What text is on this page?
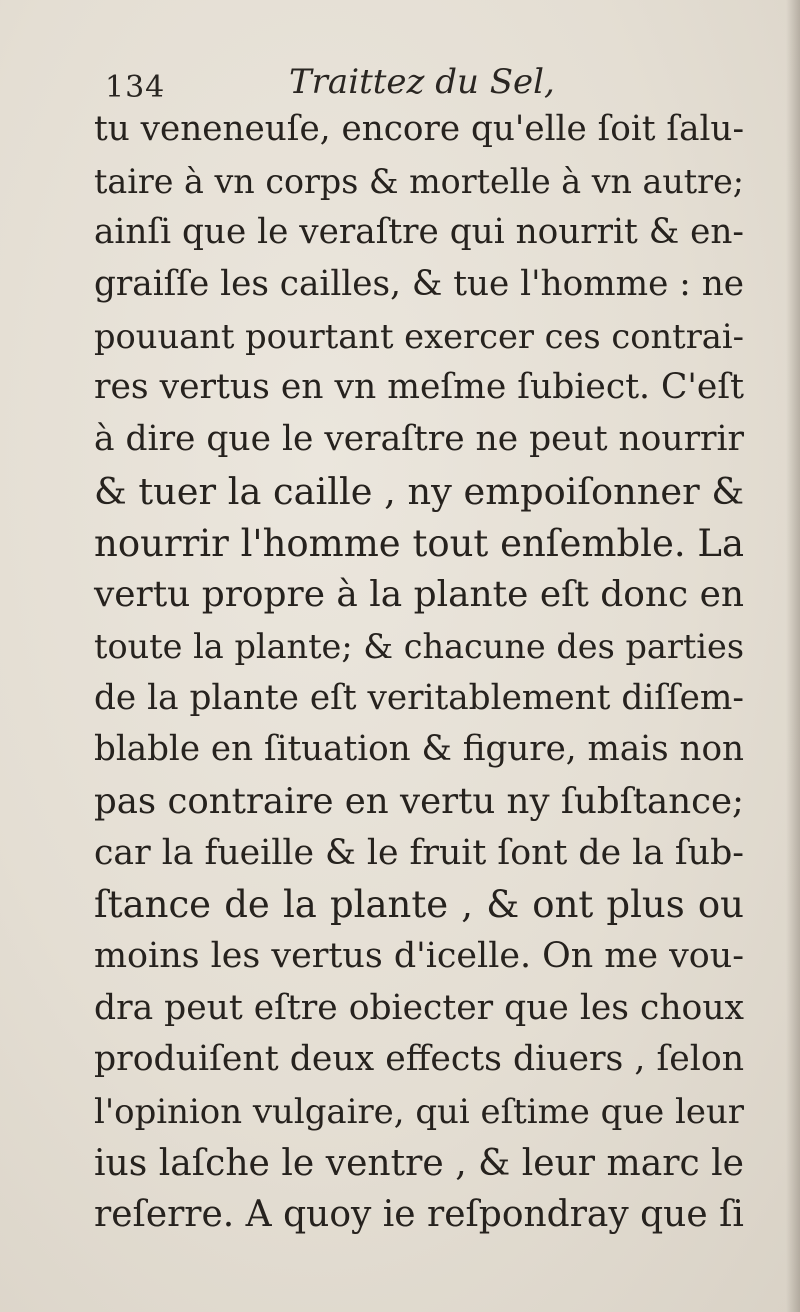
134	Traittez du Sel,
tu veneneuſe, encore qu'elle ſoit ſalu-
taire à vn corps & mortelle à vn autre;
ainſi que le veraſtre qui nourrit & en-
graiſſe les cailles, & tue l'homme : ne
pouuant pourtant exercer ces contrai-
res vertus en vn meſme ſubiect. C'eſt
à dire que le veraſtre ne peut nourrir
& tuer la caille , ny empoiſonner &
nourrir l'homme tout enſemble. La
vertu propre à la plante eſt donc en
toute la plante; & chacune des parties
de la plante eſt veritablement diſſem-
blable en ſituation & figure, mais non
pas contraire en vertu ny ſubſtance;
car la fueille & le fruit ſont de la ſub-
ſtance de la plante , & ont plus ou
moins les vertus d'icelle. On me vou-
dra peut eſtre obiecter que les choux
produiſent deux effects diuers , ſelon
l'opinion vulgaire, qui eſtime que leur
ius laſche le ventre , & leur marc le
reſerre. A quoy ie reſpondray que ſi
